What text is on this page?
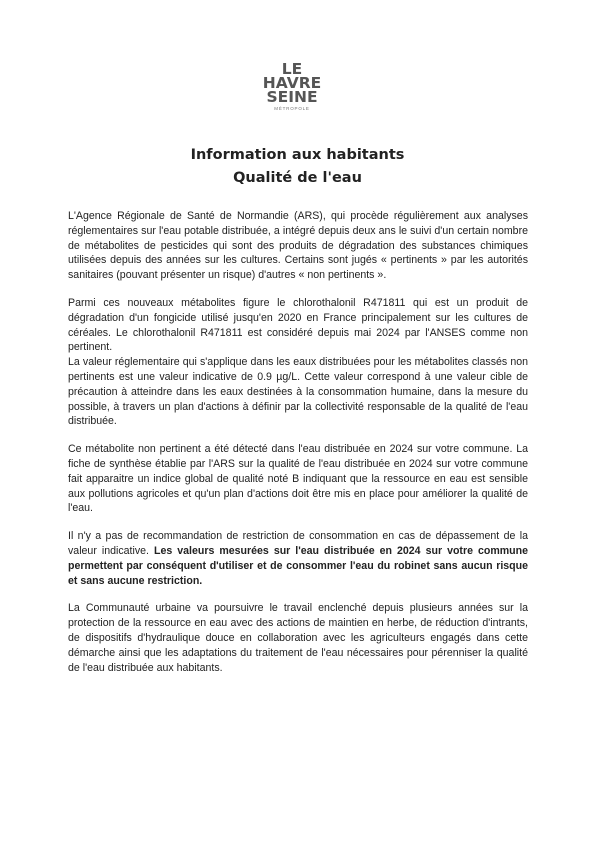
LE
HAVRE
SEINE
MÉTROPOLE
Information aux habitants
Qualité de l'eau

L'Agence Régionale de Santé de Normandie (ARS), qui procède régulièrement aux analyses réglementaires sur l'eau potable distribuée, a intégré depuis deux ans le suivi d'un certain nombre de métabolites de pesticides qui sont des produits de dégradation des substances chimiques utilisées depuis des années sur les cultures. Certains sont jugés « pertinents » par les autorités sanitaires (pouvant présenter un risque) d'autres « non pertinents ».

Parmi ces nouveaux métabolites figure le chlorothalonil R471811 qui est un produit de dégradation d'un fongicide utilisé jusqu'en 2020 en France principalement sur les cultures de céréales. Le chlorothalonil R471811 est considéré depuis mai 2024 par l'ANSES comme non pertinent.

La valeur réglementaire qui s'applique dans les eaux distribuées pour les métabolites classés non pertinents est une valeur indicative de 0.9 µg/L. Cette valeur correspond à une valeur cible de précaution à atteindre dans les eaux destinées à la consommation humaine, dans la mesure du possible, à travers un plan d'actions à définir par la collectivité responsable de la qualité de l'eau distribuée.

Ce métabolite non pertinent a été détecté dans l'eau distribuée en 2024 sur votre commune. La fiche de synthèse établie par l'ARS sur la qualité de l'eau distribuée en 2024 sur votre commune fait apparaitre un indice global de qualité noté B indiquant que la ressource en eau est sensible aux pollutions agricoles et qu'un plan d'actions doit être mis en place pour améliorer la qualité de l'eau.

Il n'y a pas de recommandation de restriction de consommation en cas de dépassement de la valeur indicative. Les valeurs mesurées sur l'eau distribuée en 2024 sur votre commune permettent par conséquent d'utiliser et de consommer l'eau du robinet sans aucun risque et sans aucune restriction.

La Communauté urbaine va poursuivre le travail enclenché depuis plusieurs années sur la protection de la ressource en eau avec des actions de maintien en herbe, de réduction d'intrants, de dispositifs d'hydraulique douce en collaboration avec les agriculteurs engagés dans cette démarche ainsi que les adaptations du traitement de l'eau nécessaires pour pérenniser la qualité de l'eau distribuée aux habitants.
